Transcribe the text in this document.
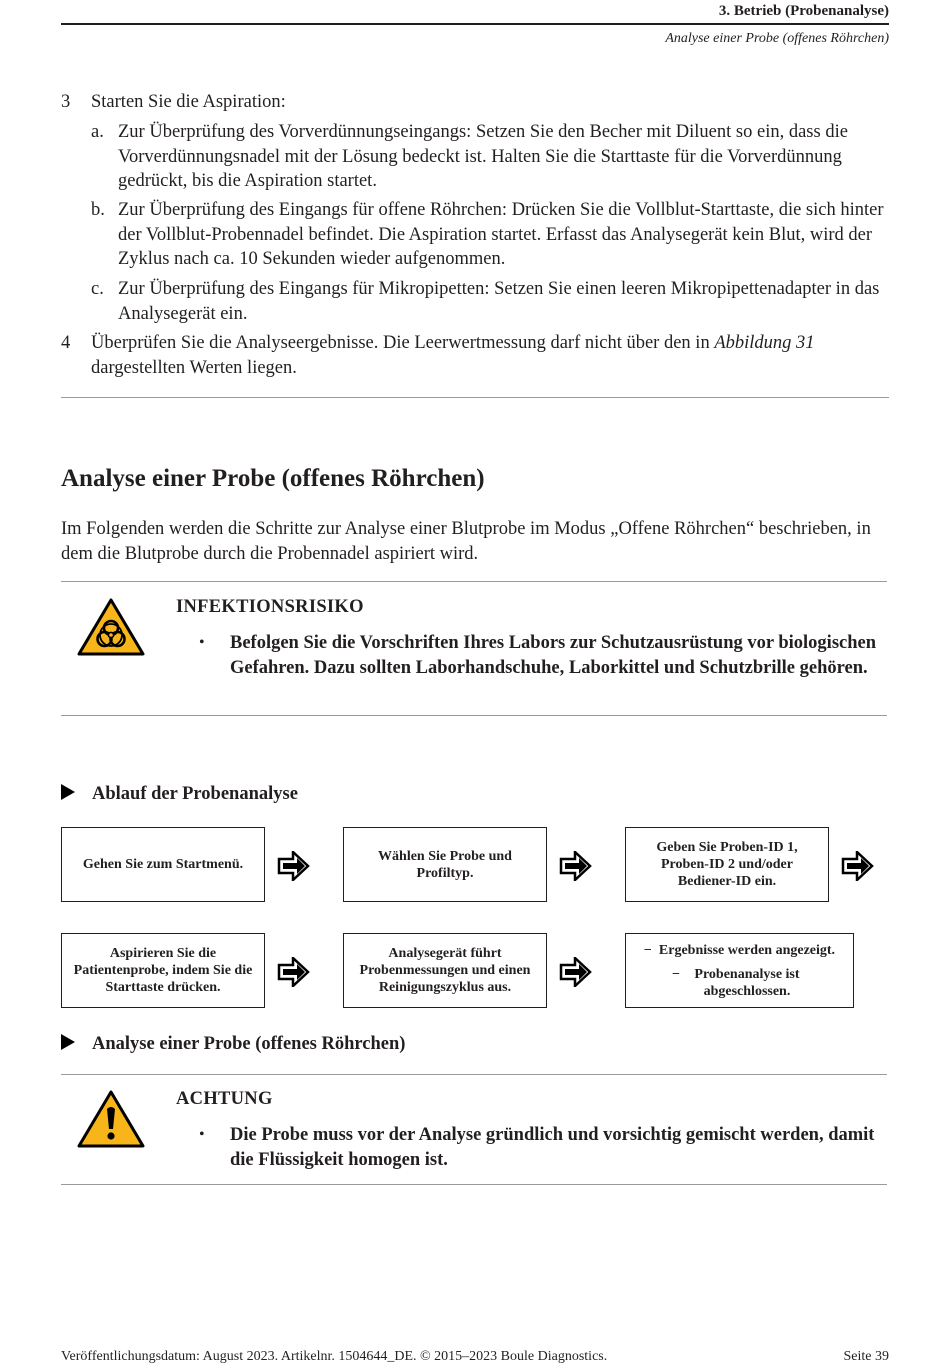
3. Betrieb (Probenanalyse)
Analyse einer Probe (offenes Röhrchen)
3 Starten Sie die Aspiration:
a. Zur Überprüfung des Vorverdünnungseingangs: Setzen Sie den Becher mit Diluent so ein, dass die Vorverdünnungsnadel mit der Lösung bedeckt ist. Halten Sie die Starttaste für die Vorverdünnung gedrückt, bis die Aspiration startet.
b. Zur Überprüfung des Eingangs für offene Röhrchen: Drücken Sie die Vollblut-Starttaste, die sich hinter der Vollblut-Probennadel befindet. Die Aspiration startet. Erfasst das Analysegerät kein Blut, wird der Zyklus nach ca. 10 Sekunden wieder aufgenommen.
c. Zur Überprüfung des Eingangs für Mikropipetten: Setzen Sie einen leeren Mikropipettenadapter in das Analysegerät ein.
4 Überprüfen Sie die Analyseergebnisse. Die Leerwertmessung darf nicht über den in Abbildung 31 dargestellten Werten liegen.
Analyse einer Probe (offenes Röhrchen)
Im Folgenden werden die Schritte zur Analyse einer Blutprobe im Modus „Offene Röhrchen“ beschrieben, in dem die Blutprobe durch die Probennadel aspiriert wird.
INFEKTIONSRISIKO
• Befolgen Sie die Vorschriften Ihres Labors zur Schutzausrüstung vor biologischen Gefahren. Dazu sollten Laborhandschuhe, Laborkittel und Schutzbrille gehören.
Ablauf der Probenanalyse
Gehen Sie zum Startmenü.
Wählen Sie Probe und Profiltyp.
Geben Sie Proben-ID 1, Proben-ID 2 und/oder Bediener-ID ein.
Aspirieren Sie die Patientenprobe, indem Sie die Starttaste drücken.
Analysegerät führt Probenmessungen und einen Reinigungszyklus aus.
− Ergebnisse werden angezeigt.
−	Probenanalyse ist abgeschlossen.
Analyse einer Probe (offenes Röhrchen)
ACHTUNG
• Die Probe muss vor der Analyse gründlich und vorsichtig gemischt werden, damit die Flüssigkeit homogen ist.
Veröffentlichungsdatum: August 2023. Artikelnr. 1504644_DE. © 2015–2023 Boule Diagnostics.	Seite 39
